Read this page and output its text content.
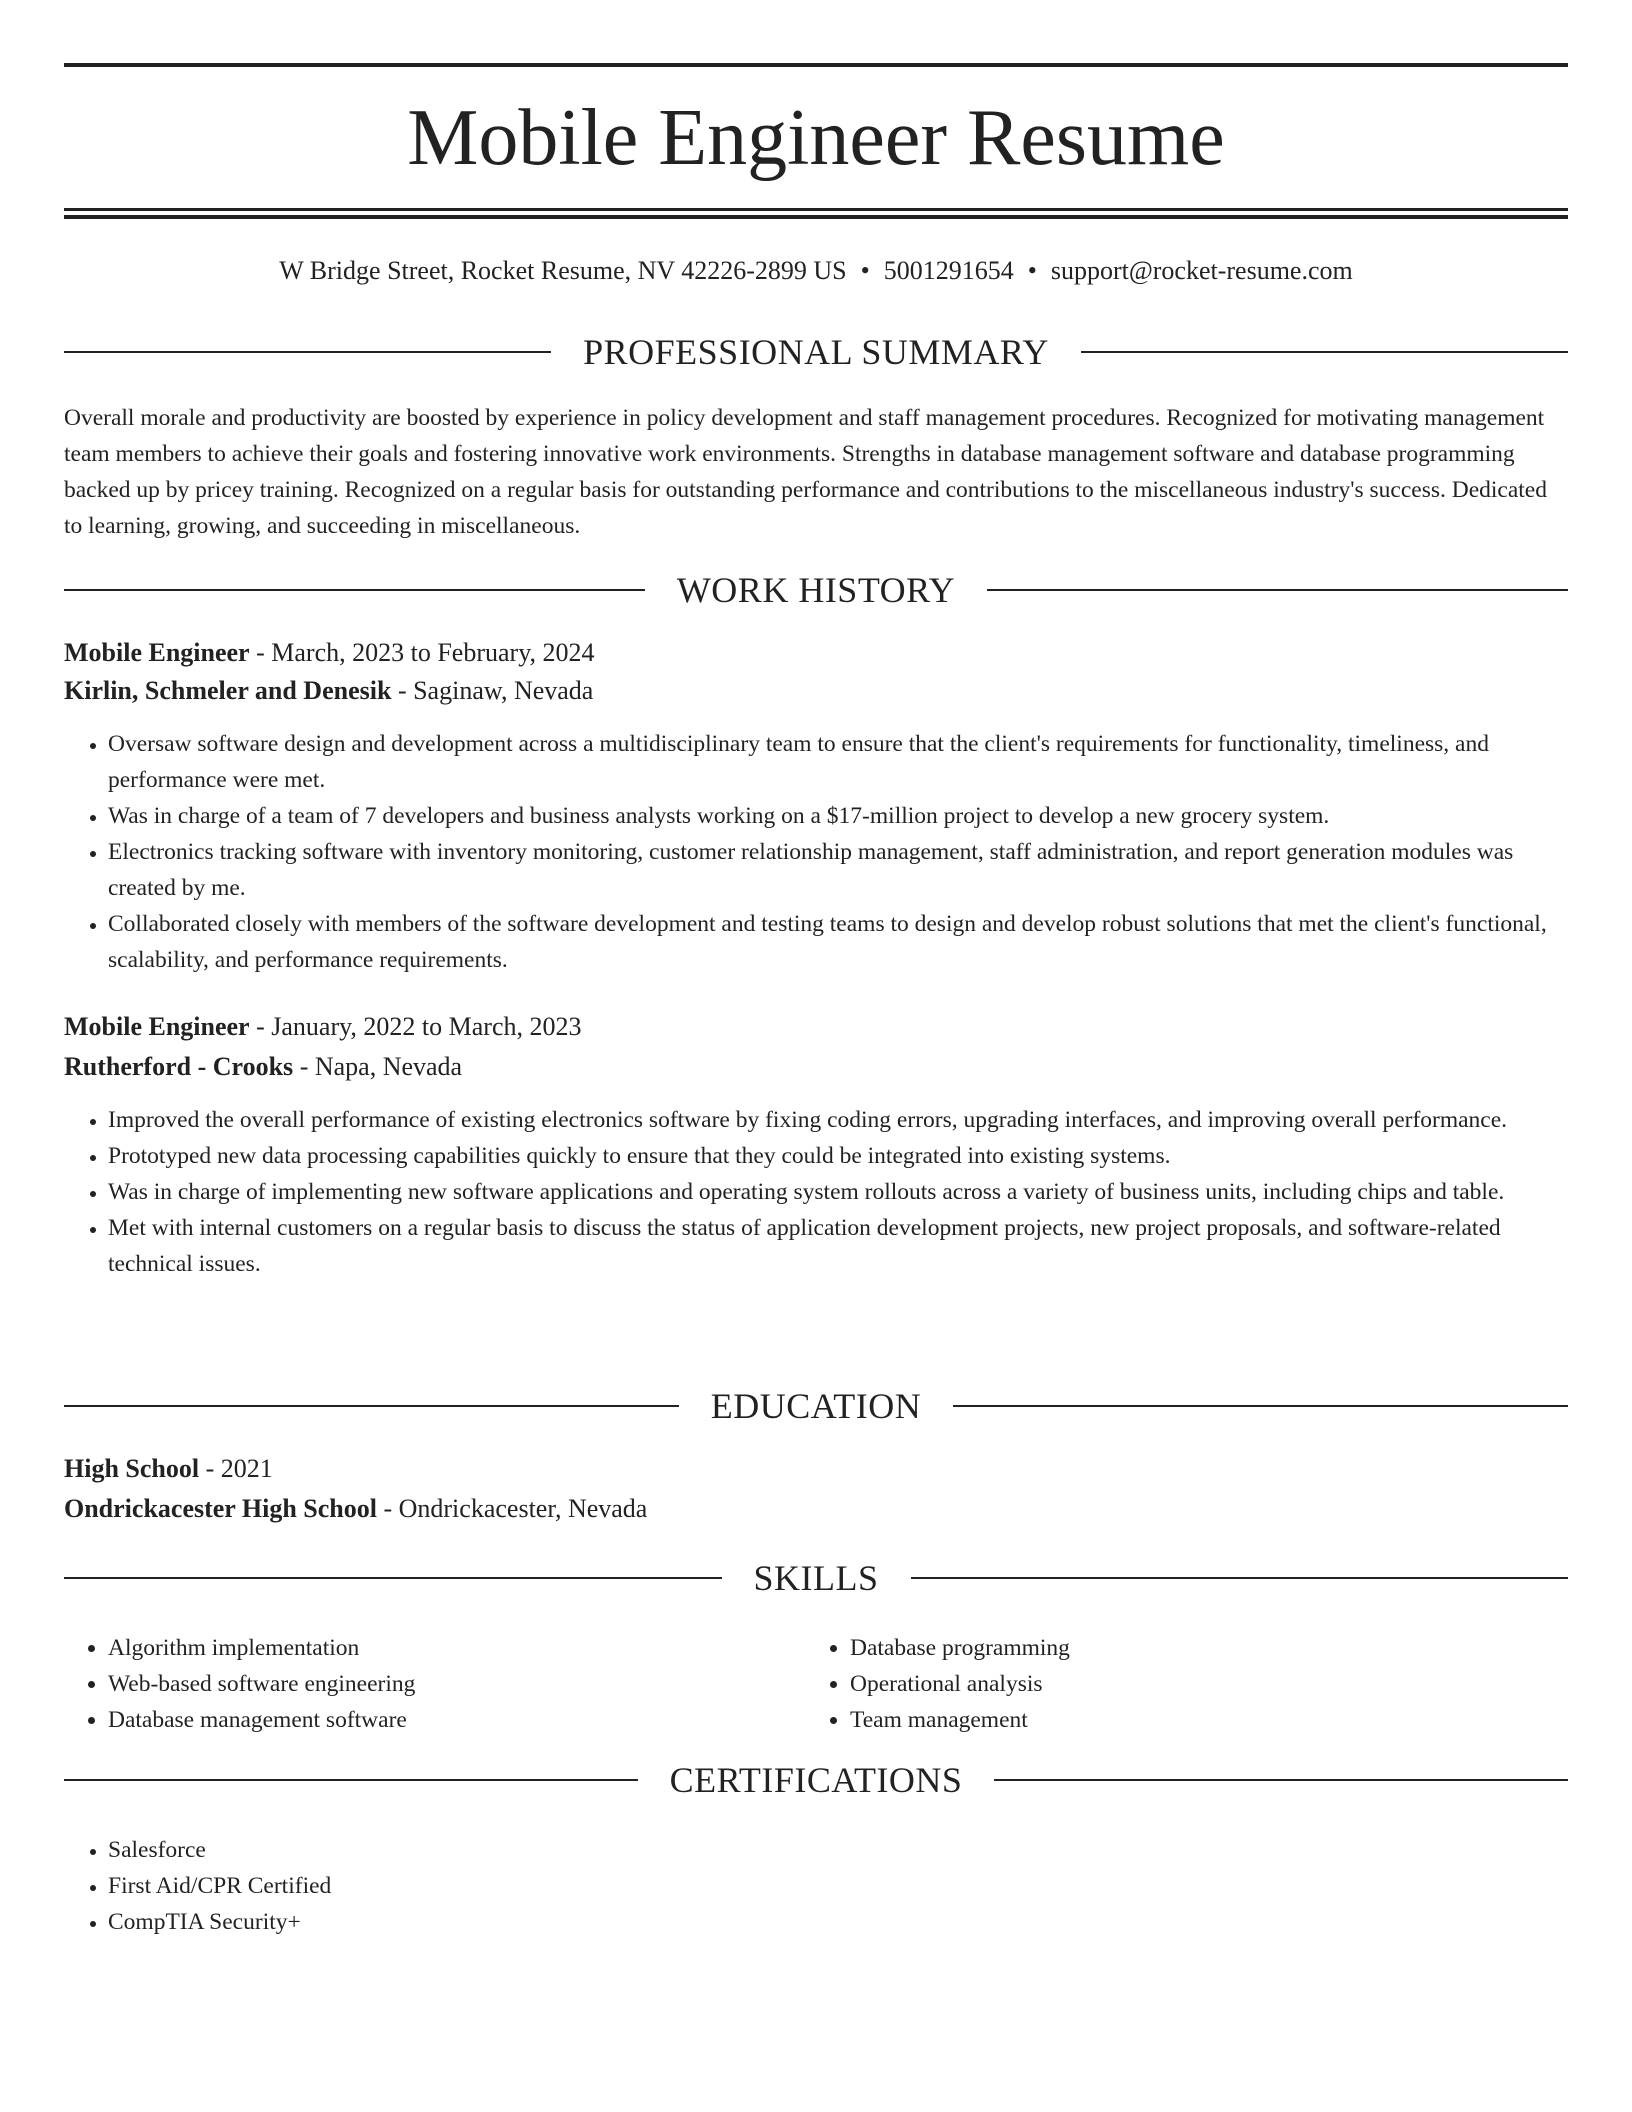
Mobile Engineer Resume
W Bridge Street, Rocket Resume, NV 42226-2899 US • 5001291654 • support@rocket-resume.com
PROFESSIONAL SUMMARY

Overall morale and productivity are boosted by experience in policy development and staff management procedures. Recognized for motivating management team members to achieve their goals and fostering innovative work environments. Strengths in database management software and database programming backed up by pricey training. Recognized on a regular basis for outstanding performance and contributions to the miscellaneous industry's success. Dedicated to learning, growing, and succeeding in miscellaneous.

WORK HISTORY
Mobile Engineer - March, 2023 to February, 2024
Kirlin, Schmeler and Denesik - Saginaw, Nevada
• Oversaw software design and development across a multidisciplinary team to ensure that the client's requirements for functionality, timeliness, and performance were met.
• Was in charge of a team of 7 developers and business analysts working on a $17-million project to develop a new grocery system.
• Electronics tracking software with inventory monitoring, customer relationship management, staff administration, and report generation modules was created by me.
• Collaborated closely with members of the software development and testing teams to design and develop robust solutions that met the client's functional, scalability, and performance requirements.
Mobile Engineer - January, 2022 to March, 2023
Rutherford - Crooks - Napa, Nevada
• Improved the overall performance of existing electronics software by fixing coding errors, upgrading interfaces, and improving overall performance.
• Prototyped new data processing capabilities quickly to ensure that they could be integrated into existing systems.
• Was in charge of implementing new software applications and operating system rollouts across a variety of business units, including chips and table.
• Met with internal customers on a regular basis to discuss the status of application development projects, new project proposals, and software-related technical issues.
EDUCATION
High School - 2021
Ondrickacester High School - Ondrickacester, Nevada
SKILLS
• Algorithm implementation
• Web-based software engineering
• Database management software
• Database programming
• Operational analysis
• Team management
CERTIFICATIONS
• Salesforce
• First Aid/CPR Certified
• CompTIA Security+
